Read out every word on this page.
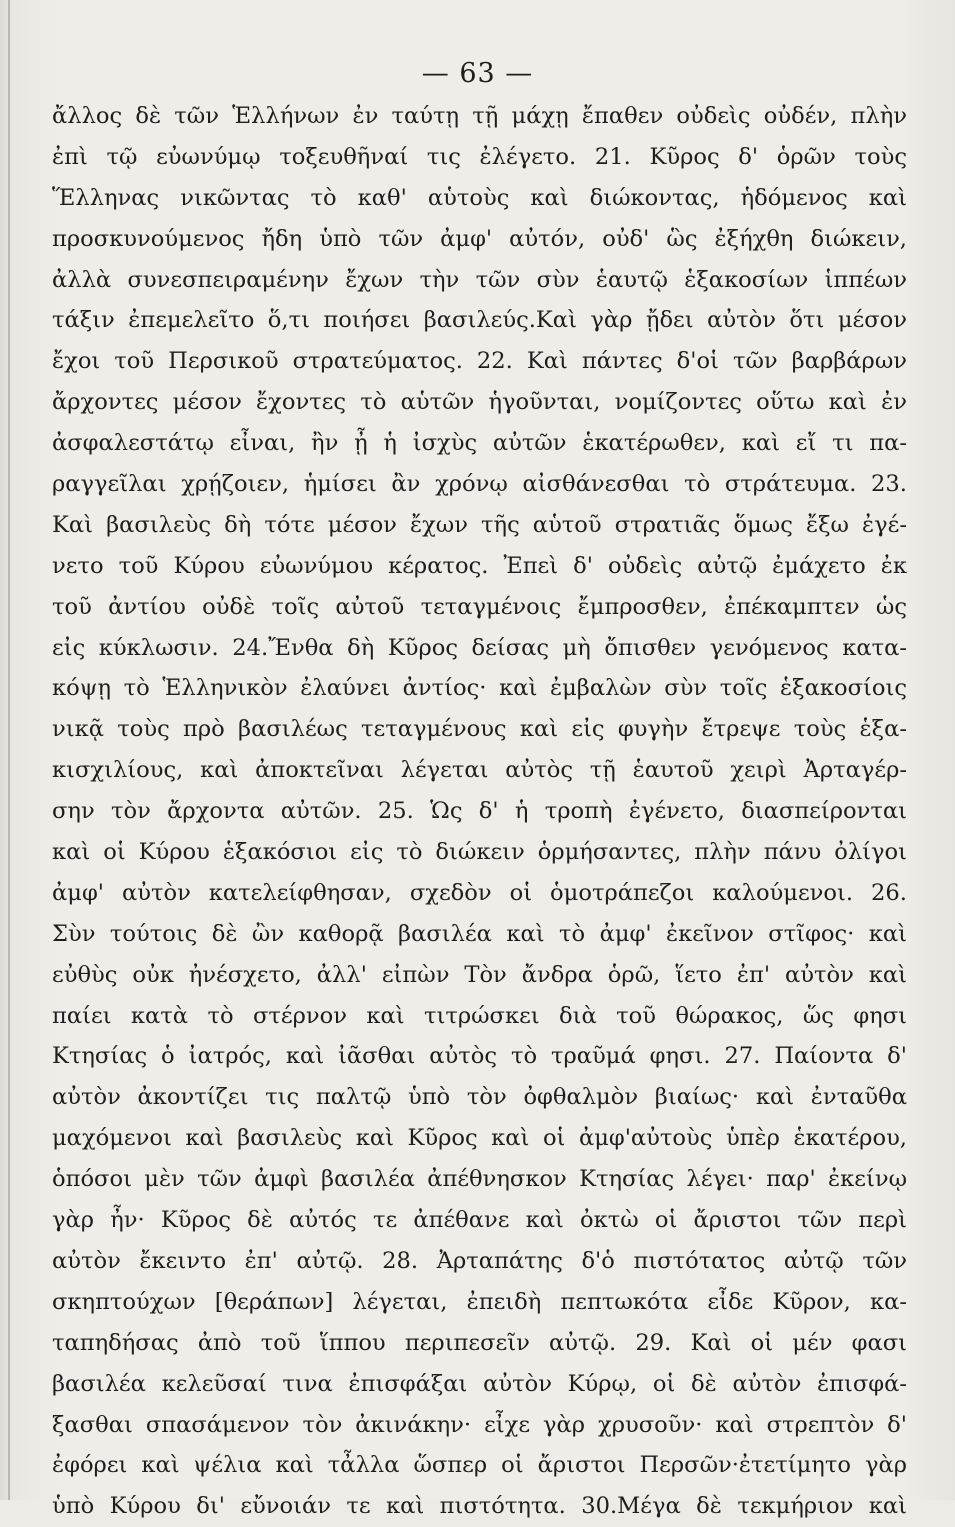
— 63 —
ἄλλος δὲ τῶν Ἑλλήνων ἐν ταύτῃ τῇ μάχῃ ἔπαθεν οὐδεὶς οὐδέν, πλὴν
ἐπὶ τῷ εὐωνύμῳ τοξευθῆναί τις ἐλέγετο. 21. Κῦρος δ' ὁρῶν τοὺς
Ἕλληνας νικῶντας τὸ καθ' αὑτοὺς καὶ διώκοντας, ἡδόμενος καὶ
προσκυνούμενος ἤδη ὑπὸ τῶν ἀμφ' αὐτόν, οὐδ' ὣς ἐξήχθη διώκειν,
ἀλλὰ συνεσπειραμένην ἔχων τὴν τῶν σὺν ἑαυτῷ ἑξακοσίων ἱππέων
τάξιν ἐπεμελεῖτο ὅ,τι ποιήσει βασιλεύς.Καὶ γὰρ ᾔδει αὐτὸν ὅτι μέσον
ἔχοι τοῦ Περσικοῦ στρατεύματος. 22. Καὶ πάντες δ'οἱ τῶν βαρβάρων
ἄρχοντες μέσον ἔχοντες τὸ αὑτῶν ἡγοῦνται, νομίζοντες οὕτω καὶ ἐν
ἀσφαλεστάτῳ εἶναι, ἢν ᾖ ἡ ἰσχὺς αὐτῶν ἑκατέρωθεν, καὶ εἴ τι πα-
ραγγεῖλαι χρῄζοιεν, ἡμίσει ἂν χρόνῳ αἰσθάνεσθαι τὸ στράτευμα. 23.
Καὶ βασιλεὺς δὴ τότε μέσον ἔχων τῆς αὑτοῦ στρατιᾶς ὅμως ἔξω ἐγέ-
νετο τοῦ Κύρου εὐωνύμου κέρατος. Ἐπεὶ δ' οὐδεὶς αὐτῷ ἐμάχετο ἐκ
τοῦ ἀντίου οὐδὲ τοῖς αὐτοῦ τεταγμένοις ἔμπροσθεν, ἐπέκαμπτεν ὡς
εἰς κύκλωσιν. 24.Ἔνθα δὴ Κῦρος δείσας μὴ ὄπισθεν γενόμενος κατα-
κόψῃ τὸ Ἑλληνικὸν ἐλαύνει ἀντίος· καὶ ἐμβαλὼν σὺν τοῖς ἑξακοσίοις
νικᾷ τοὺς πρὸ βασιλέως τεταγμένους καὶ εἰς φυγὴν ἔτρεψε τοὺς ἑξα-
κισχιλίους, καὶ ἀποκτεῖναι λέγεται αὐτὸς τῇ ἑαυτοῦ χειρὶ Ἀρταγέρ-
σην τὸν ἄρχοντα αὐτῶν. 25. Ὡς δ' ἡ τροπὴ ἐγένετο, διασπείρονται
καὶ οἱ Κύρου ἑξακόσιοι εἰς τὸ διώκειν ὁρμήσαντες, πλὴν πάνυ ὀλίγοι
ἀμφ' αὐτὸν κατελείφθησαν, σχεδὸν οἱ ὁμοτράπεζοι καλούμενοι. 26.
Σὺν τούτοις δὲ ὢν καθορᾷ βασιλέα καὶ τὸ ἀμφ' ἐκεῖνον στῖφος· καὶ
εὐθὺς οὐκ ἠνέσχετο, ἀλλ' εἰπὼν Τὸν ἄνδρα ὁρῶ, ἵετο ἐπ' αὐτὸν καὶ
παίει κατὰ τὸ στέρνον καὶ τιτρώσκει διὰ τοῦ θώρακος, ὥς φησι
Κτησίας ὁ ἰατρός, καὶ ἰᾶσθαι αὐτὸς τὸ τραῦμά φησι. 27. Παίοντα δ'
αὐτὸν ἀκοντίζει τις παλτῷ ὑπὸ τὸν ὀφθαλμὸν βιαίως· καὶ ἐνταῦθα
μαχόμενοι καὶ βασιλεὺς καὶ Κῦρος καὶ οἱ ἀμφ'αὐτοὺς ὑπὲρ ἑκατέρου,
ὁπόσοι μὲν τῶν ἀμφὶ βασιλέα ἀπέθνησκον Κτησίας λέγει· παρ' ἐκείνῳ
γὰρ ἦν· Κῦρος δὲ αὐτός τε ἀπέθανε καὶ ὀκτὼ οἱ ἄριστοι τῶν περὶ
αὐτὸν ἔκειντο ἐπ' αὐτῷ. 28. Ἀρταπάτης δ'ὁ πιστότατος αὐτῷ τῶν
σκηπτούχων [θεράπων] λέγεται, ἐπειδὴ πεπτωκότα εἶδε Κῦρον, κα-
ταπηδήσας ἀπὸ τοῦ ἵππου περιπεσεῖν αὐτῷ. 29. Καὶ οἱ μέν φασι
βασιλέα κελεῦσαί τινα ἐπισφάξαι αὐτὸν Κύρῳ, οἱ δὲ αὐτὸν ἐπισφά-
ξασθαι σπασάμενον τὸν ἀκινάκην· εἶχε γὰρ χρυσοῦν· καὶ στρεπτὸν δ'
ἐφόρει καὶ ψέλια καὶ τἆλλα ὥσπερ οἱ ἄριστοι Περσῶν·ἐτετίμητο γὰρ
ὑπὸ Κύρου δι' εὔνοιάν τε καὶ πιστότητα. 30.Μέγα δὲ τεκμήριον καὶ
